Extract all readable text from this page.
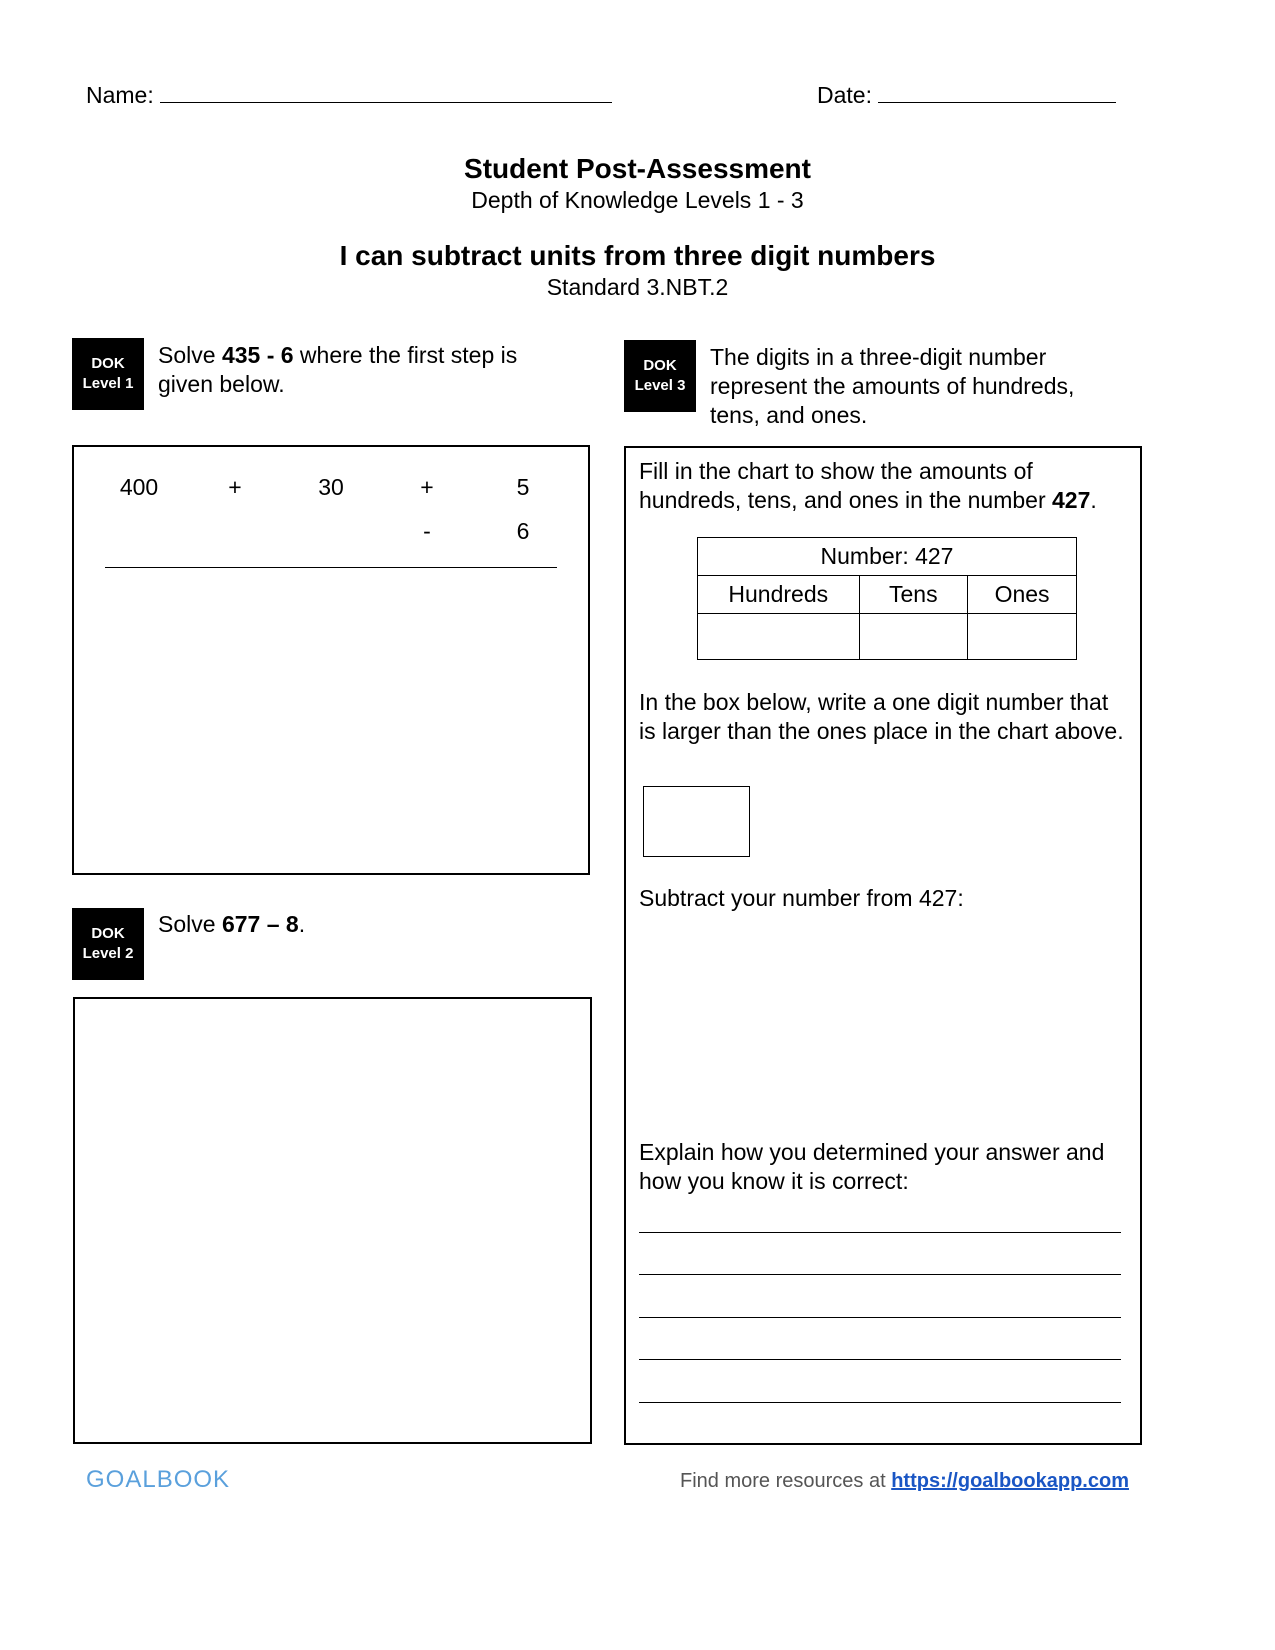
Name:	Date:
Student Post-Assessment
Depth of Knowledge Levels 1 - 3
I can subtract units from three digit numbers
Standard 3.NBT.2
DOK
Level 1
Solve 435 - 6 where the first step is given below.
400	+	30	+	5
-	6
DOK
Level 2
Solve 677 – 8.
DOK
Level 3
The digits in a three-digit number represent the amounts of hundreds, tens, and ones.
Fill in the chart to show the amounts of hundreds, tens, and ones in the number 427.
Number: 427		
Hundreds	Tens	Ones

In the box below, write a one digit number that is larger than the ones place in the chart above.
Subtract your number from 427:
Explain how you determined your answer and how you know it is correct:
GOALBOOK	Find more resources at https://goalbookapp.com
